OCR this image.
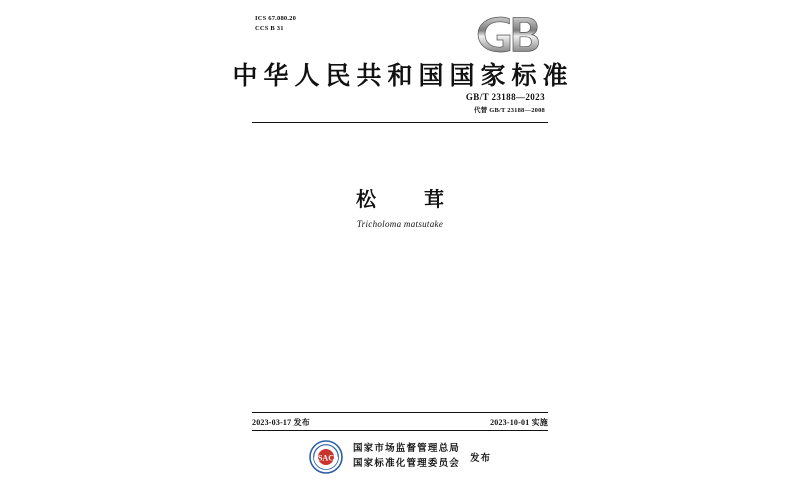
ICS 67.080.20
CCS B 31
中华人民共和国国家标准
GB/T 23188—2023
代替 GB/T 23188—2008
松　茸
Tricholoma matsutake
2023-03-17 发布	2023-10-01 实施
SAC
国家市场监督管理总局
国家标准化管理委员会 发布
